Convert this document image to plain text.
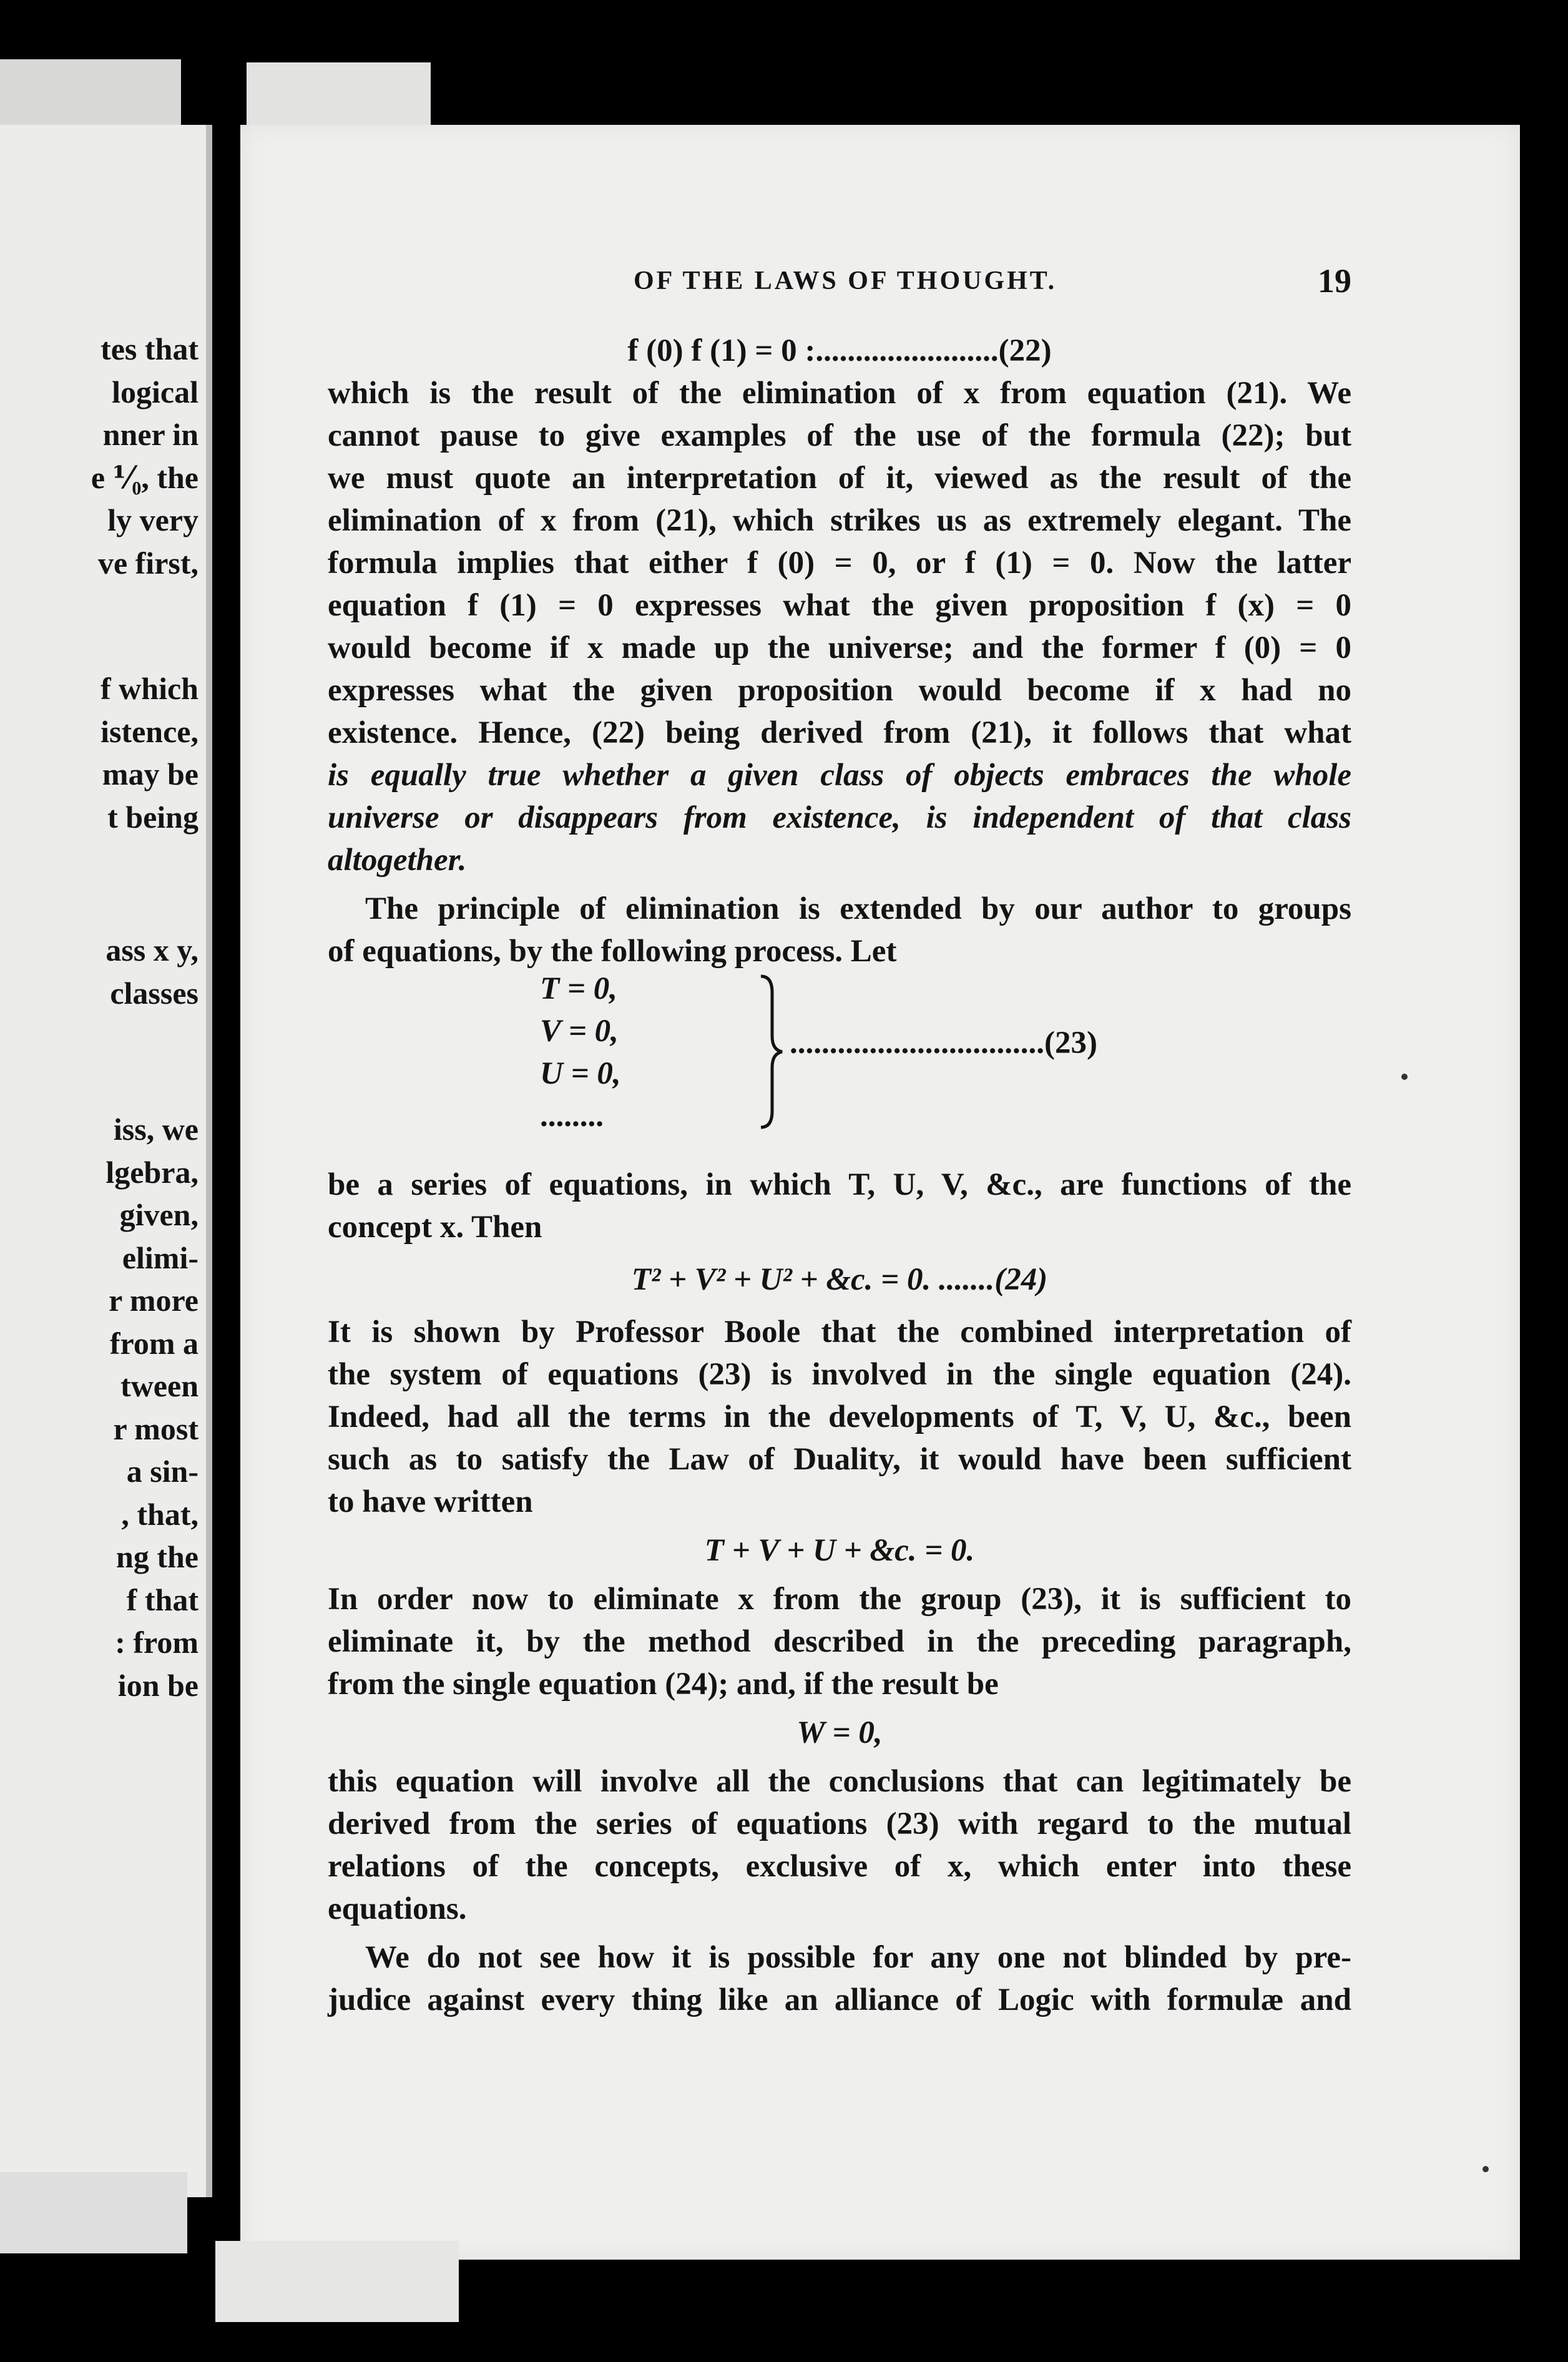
tes that
logical
nner in
e ⅟₀, the
ly very
ve first,
f which
istence,
may be
t being
ass x y,
classes
iss, we
lgebra,
given,
elimi-
r more
from a
tween
r most
a sin-
, that,
ng the
f that
: from
ion be
OF THE LAWS OF THOUGHT.	19
f (0) f (1) = 0 :.......................(22)
which is the result of the elimination of x from equation (21). We
cannot pause to give examples of the use of the formula (22); but
we must quote an interpretation of it, viewed as the result of the
elimination of x from (21), which strikes us as extremely elegant. The
formula implies that either f (0) = 0, or f (1) = 0. Now the latter
equation f (1) = 0 expresses what the given proposition f (x) = 0
would become if x made up the universe; and the former f (0) = 0
expresses what the given proposition would become if x had no
existence. Hence, (22) being derived from (21), it follows that what
is equally true whether a given class of objects embraces the whole
universe or disappears from existence, is independent of that class
altogether.
The principle of elimination is extended by our author to groups
of equations, by the following process. Let
T = 0,
V = 0,
U = 0,
........
................................(23)
be a series of equations, in which T, U, V, &c., are functions of the
concept x. Then
T² + V² + U² + &c. = 0. .......(24)
It is shown by Professor Boole that the combined interpretation of
the system of equations (23) is involved in the single equation (24).
Indeed, had all the terms in the developments of T, V, U, &c., been
such as to satisfy the Law of Duality, it would have been sufficient
to have written
T + V + U + &c. = 0.
In order now to eliminate x from the group (23), it is sufficient to
eliminate it, by the method described in the preceding paragraph,
from the single equation (24); and, if the result be
W = 0,
this equation will involve all the conclusions that can legitimately be
derived from the series of equations (23) with regard to the mutual
relations of the concepts, exclusive of x, which enter into these
equations.
We do not see how it is possible for any one not blinded by pre-
judice against every thing like an alliance of Logic with formulæ and
